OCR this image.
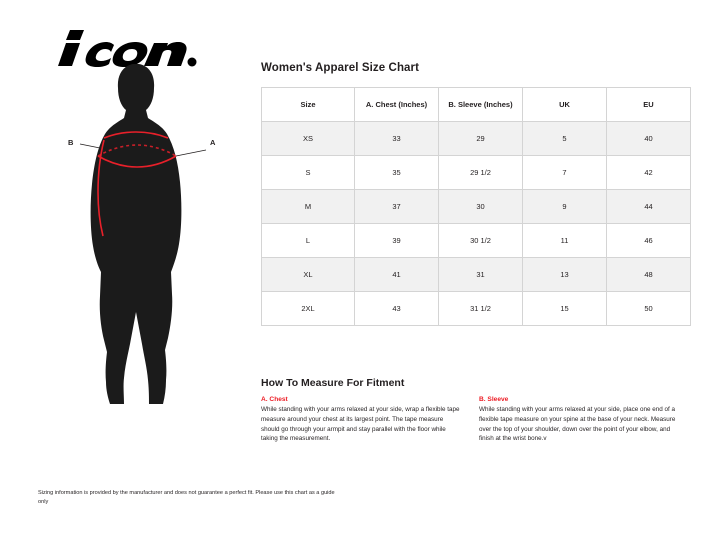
A
B
Women's Apparel Size Chart
Size	A. Chest (Inches)	B. Sleeve (Inches)	UK	EU
XS	33	29	5	40
S	35	29 1/2	7	42
M	37	30	9	44
L	39	30 1/2	11	46
XL	41	31	13	48
2XL	43	31 1/2	15	50
How To Measure For Fitment
A. Chest
While standing with your arms relaxed at your side, wrap a flexible tape measure around your chest at its largest point. The tape measure should go through your armpit and stay parallel with the floor while taking the measurement.
B. Sleeve
While standing with your arms relaxed at your side, place one end of a flexible tape measure on your spine at the base of your neck. Measure over the top of your shoulder, down over the point of your elbow, and finish at the wrist bone.v
Sizing information is provided by the manufacturer and does not guarantee a perfect fit. Please use this chart as a guide only
